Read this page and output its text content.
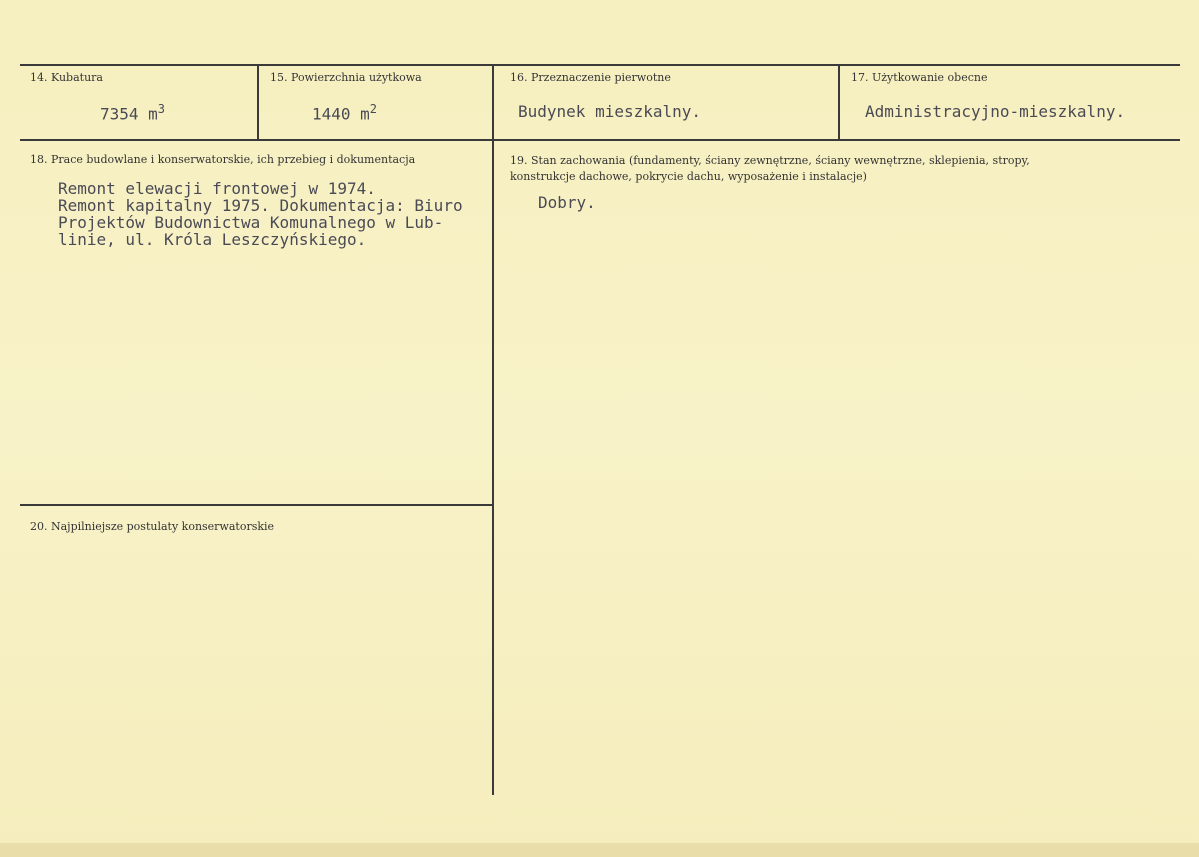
14. Kubatura
7354 $m^3$
15. Powierzchnia użytkowa
1440 $m^2$
16. Przeznaczenie pierwotne
Budynek mieszkalny.
17. Użytkowanie obecne
Administracyjno-mieszkalny.
18. Prace budowlane i konserwatorskie, ich przebieg i dokumentacja
Remont elewacji frontowej w 1974.
Remont kapitalny 1975. Dokumentacja: Biuro
Projektów Budownictwa Komunalnego w Lub-
linie, ul. Króla Leszczyńskiego.
19. Stan zachowania (fundamenty, ściany zewnętrzne, ściany wewnętrzne, sklepienia, stropy,
konstrukcje dachowe, pokrycie dachu, wyposażenie i instalacje)
Dobry.
20. Najpilniejsze postulaty konserwatorskie
